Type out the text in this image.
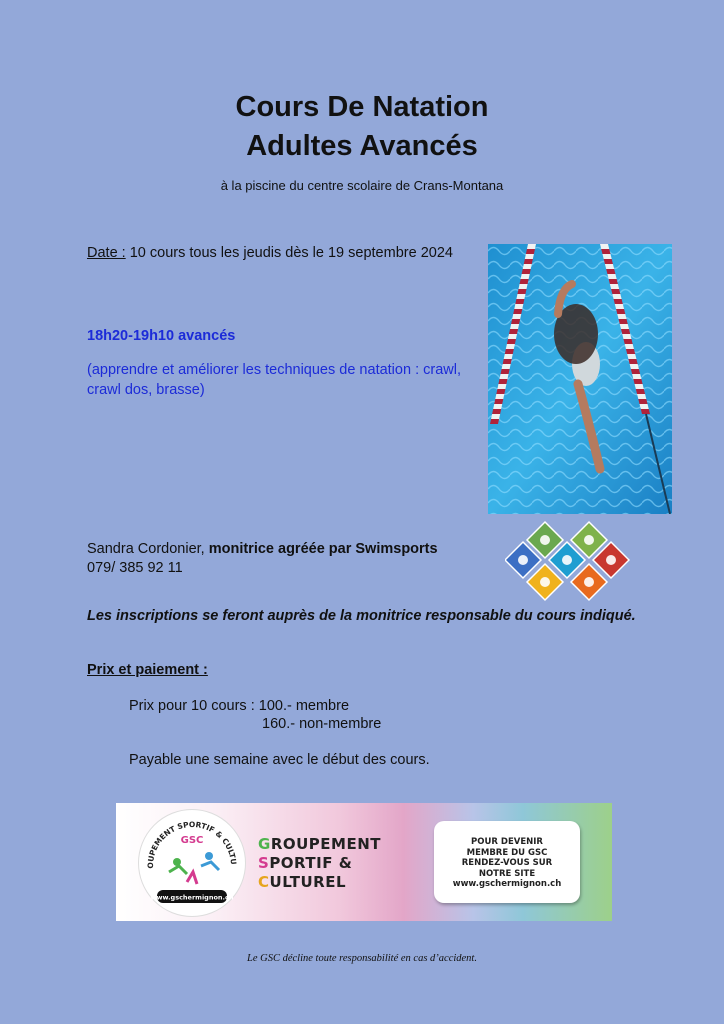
Cours De Natation
Adultes Avancés
à la piscine du centre scolaire de Crans-Montana
Date : 10 cours tous les jeudis dès le 19 septembre 2024
18h20-19h10 avancés
(apprendre et améliorer les techniques de natation : crawl, crawl dos, brasse)
Sandra Cordonier, monitrice agréée par Swimsports
079/ 385 92 11
Les inscriptions se feront auprès de la monitrice responsable du cours indiqué.
Prix et paiement :
Prix pour 10 cours : 100.- membre
160.- non-membre
Payable une semaine avec le début des cours.
OUPEMENT SPORTIF & CULTU
GSC
www.gschermignon.ch
GROUPEMENT
SPORTIF &
CULTUREL
POUR DEVENIR
MEMBRE DU GSC
RENDEZ-VOUS SUR
NOTRE SITE
www.gschermignon.ch
Le GSC décline toute responsabilité en cas d’accident.
